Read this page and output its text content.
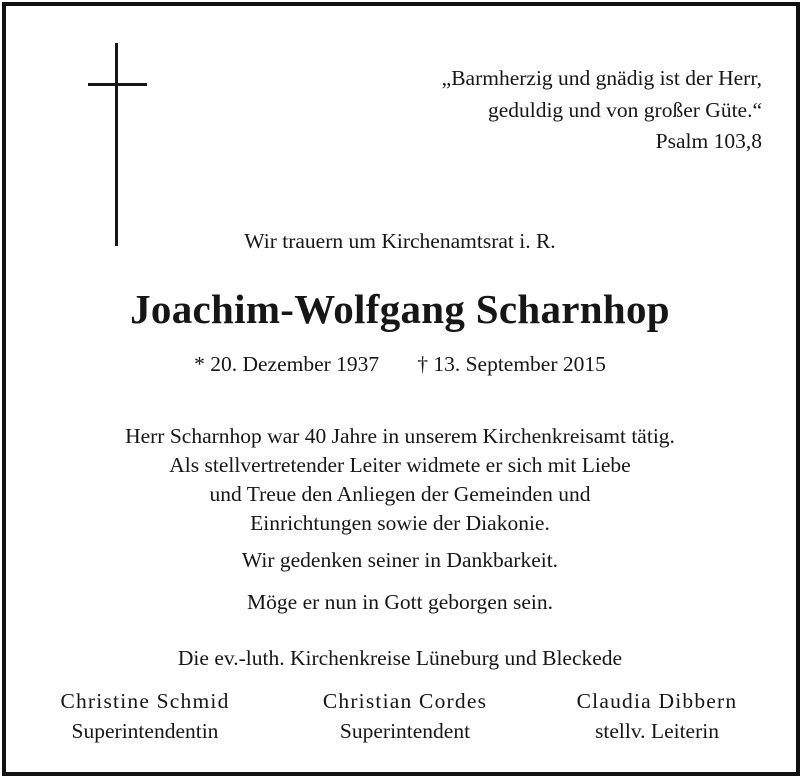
„Barmherzig und gnädig ist der Herr,
geduldig und von großer Güte.“
Psalm 103,8
Wir trauern um Kirchenamtsrat i. R.
Joachim-Wolfgang Scharnhop
* 20. Dezember 1937 † 13. September 2015
Herr Scharnhop war 40 Jahre in unserem Kirchenkreisamt tätig.
Als stellvertretender Leiter widmete er sich mit Liebe
und Treue den Anliegen der Gemeinden und
Einrichtungen sowie der Diakonie.
Wir gedenken seiner in Dankbarkeit.
Möge er nun in Gott geborgen sein.
Die ev.-luth. Kirchenkreise Lüneburg und Bleckede
Christine Schmid
Superintendentin
Christian Cordes
Superintendent
Claudia Dibbern
stellv. Leiterin
